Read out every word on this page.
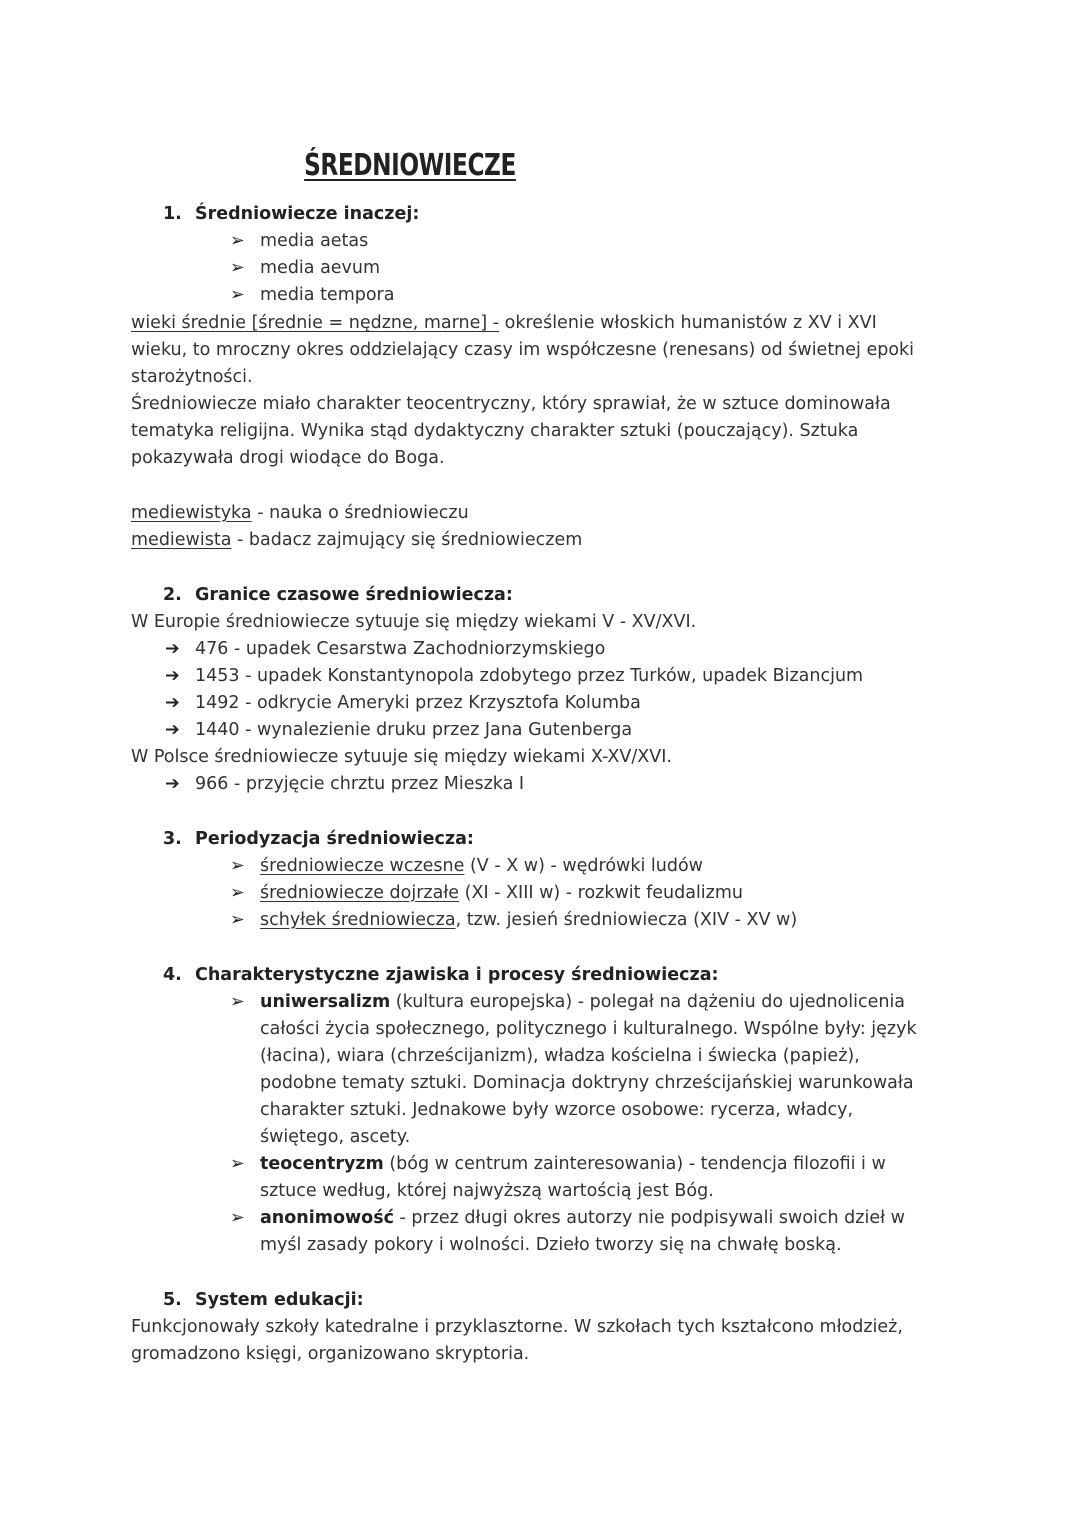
ŚREDNIOWIECZE
1. Średniowiecze inaczej:
➢ media aetas
➢ media aevum
➢ media tempora
wieki średnie [średnie = nędzne, marne] - określenie włoskich humanistów z XV i XVI
wieku, to mroczny okres oddzielający czasy im współczesne (renesans) od świetnej epoki
starożytności.
Średniowiecze miało charakter teocentryczny, który sprawiał, że w sztuce dominowała
tematyka religijna. Wynika stąd dydaktyczny charakter sztuki (pouczający). Sztuka
pokazywała drogi wiodące do Boga.
mediewistyka - nauka o średniowieczu
mediewista - badacz zajmujący się średniowieczem
2. Granice czasowe średniowiecza:
W Europie średniowiecze sytuuje się między wiekami V - XV/XVI.
➔ 476 - upadek Cesarstwa Zachodniorzymskiego
➔ 1453 - upadek Konstantynopola zdobytego przez Turków, upadek Bizancjum
➔ 1492 - odkrycie Ameryki przez Krzysztofa Kolumba
➔ 1440 - wynalezienie druku przez Jana Gutenberga
W Polsce średniowiecze sytuuje się między wiekami X-XV/XVI.
➔ 966 - przyjęcie chrztu przez Mieszka I
3. Periodyzacja średniowiecza:
➢ średniowiecze wczesne (V - X w) - wędrówki ludów
➢ średniowiecze dojrzałe (XI - XIII w) - rozkwit feudalizmu
➢ schyłek średniowiecza, tzw. jesień średniowiecza (XIV - XV w)
4. Charakterystyczne zjawiska i procesy średniowiecza:
➢ uniwersalizm (kultura europejska) - polegał na dążeniu do ujednolicenia
całości życia społecznego, politycznego i kulturalnego. Wspólne były: język
(łacina), wiara (chrześcijanizm), władza kościelna i świecka (papież),
podobne tematy sztuki. Dominacja doktryny chrześcijańskiej warunkowała
charakter sztuki. Jednakowe były wzorce osobowe: rycerza, władcy,
świętego, ascety.
➢ teocentryzm (bóg w centrum zainteresowania) - tendencja filozofii i w
sztuce według, której najwyższą wartością jest Bóg.
➢ anonimowość - przez długi okres autorzy nie podpisywali swoich dzieł w
myśl zasady pokory i wolności. Dzieło tworzy się na chwałę boską.
5. System edukacji:
Funkcjonowały szkoły katedralne i przyklasztorne. W szkołach tych kształcono młodzież,
gromadzono księgi, organizowano skryptoria.
